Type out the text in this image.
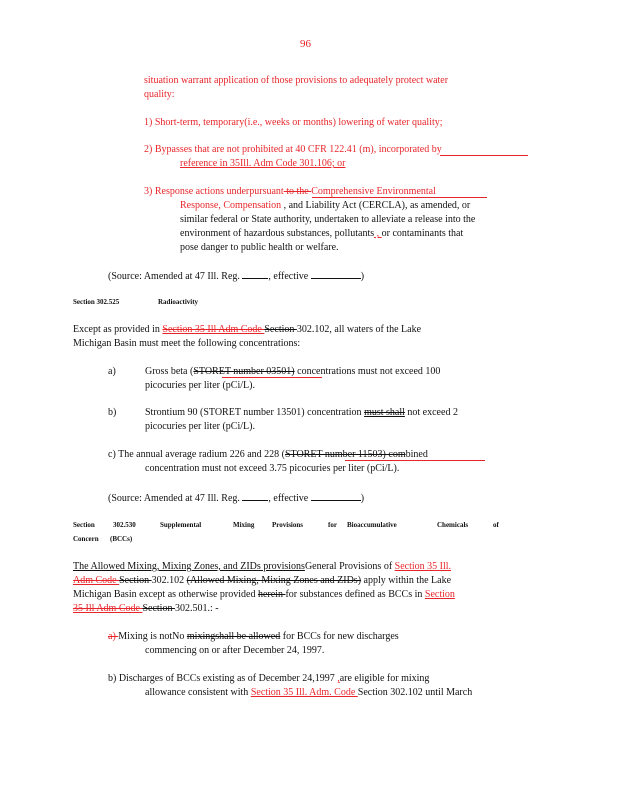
96
situation warrant application of those provisions to adequately protect water
quality:
1) Short-term, temporary(i.e., weeks or months) lowering of water quality;
2) Bypasses that are not prohibited at 40 CFR 122.41 (m), incorporated by
reference in 35Ill. Adm Code 301.106; or
3) Response actions underpursuant to the Comprehensive Environmental
Response, Compensation , and Liability Act (CERCLA), as amended, or
similar federal or State authority, undertaken to alleviate a release into the
environment of hazardous substances, pollutants , or contaminants that
pose danger to public health or welfare.
(Source: Amended at 47 Ill. Reg.	, effective	)
Section 302.525	Radioactivity
Except as provided in Section 35 Ill Adm Code Section 302.102, all waters of the Lake
Michigan Basin must meet the following concentrations:
a)	Gross beta (STORET number 03501) concentrations must not exceed 100
picocuries per liter (pCi/L).
b)	Strontium 90 (STORET number 13501) concentration must shall not exceed 2
picocuries per liter (pCi/L).
c) The annual average radium 226 and 228 (STORET number 11503) combined
concentration must not exceed 3.75 picocuries per liter (pCi/L).
(Source: Amended at 47 Ill. Reg.	, effective	)
Section	302.530	Supplemental	Mixing	Provisions	for Bioaccumulative	Chemicals	of
Concern (BCCs)
The Allowed Mixing, Mixing Zones, and ZIDs provisionsGeneral Provisions of Section 35 Ill.
Adm Code Section 302.102 (Allowed Mixing, Mixing Zones and ZIDs) apply within the Lake
Michigan Basin except as otherwise provided herein for substances defined as BCCs in Section
35 Ill Adm Code Section 302.501.: -
a) Mixing is notNo mixingshall be allowed for BCCs for new discharges
commencing on or after December 24, 1997.
b) Discharges of BCCs existing as of December 24,1997 ,are eligible for mixing
allowance consistent with Section 35 Ill. Adm. Code Section 302.102 until March
